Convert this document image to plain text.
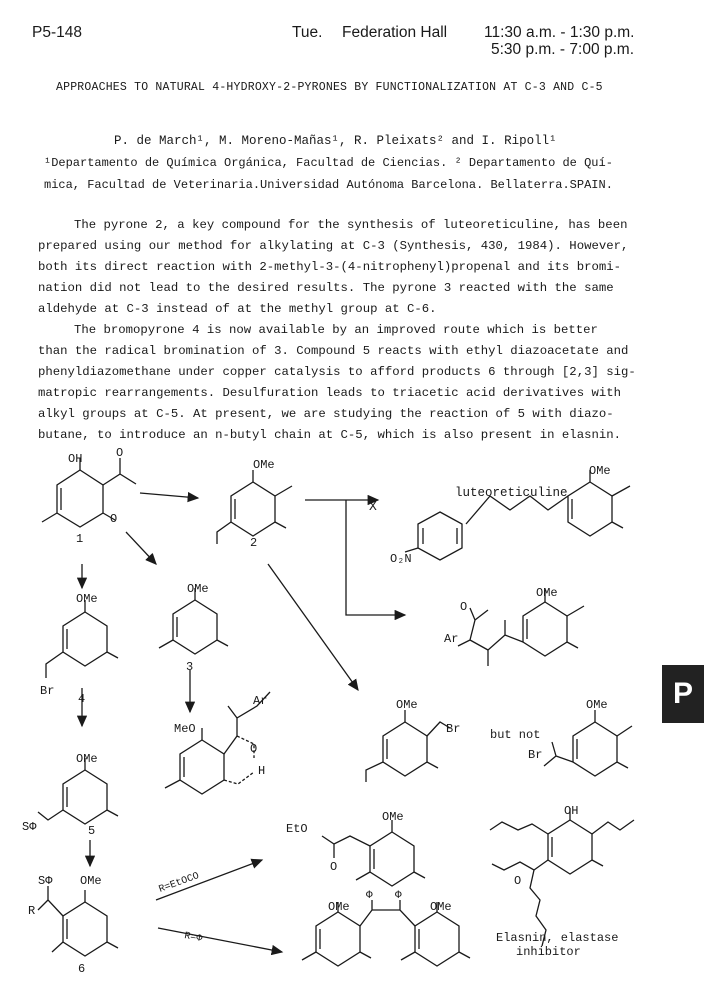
P5-148	Tue. Federation Hall 11:30 a.m. - 1:30 p.m.
5:30 p.m. - 7:00 p.m.
APPROACHES TO NATURAL 4-HYDROXY-2-PYRONES BY FUNCTIONALIZATION AT C-3 AND C-5
P. de March¹, M. Moreno-Mañas¹, R. Pleixats² and I. Ripoll¹
¹Departamento de Química Orgánica, Facultad de Ciencias. ² Departamento de Quí-
mica, Facultad de Veterinaria.Universidad Autónoma Barcelona. Bellaterra.SPAIN.
The pyrone 2, a key compound for the synthesis of luteoreticuline, has been
prepared using our method for alkylating at C-3 (Synthesis, 430, 1984). However,
both its direct reaction with 2-methyl-3-(4-nitrophenyl)propenal and its bromi-
nation did not lead to the desired results. The pyrone 3 reacted with the same
aldehyde at C-3 instead of at the methyl group at C-6.
The bromopyrone 4 is now available by an improved route which is better
than the radical bromination of 3. Compound 5 reacts with ethyl diazoacetate and
phenyldiazomethane under copper catalysis to afford products 6 through [2,3] sig-
matropic rearrangements. Desulfuration leads to triacetic acid derivatives with
alkyl groups at C-5. At present, we are studying the reaction of 5 with diazo-
butane, to introduce an n-butyl chain at C-5, which is also present in elasnin.
P
OH	O
O
1
OMe
2
X
luteoreticuline
OMe
O₂N
OMe
O
Ar
OMe
3
OMe
Br
4
MeO
Ar
H
O
OMe
SΦ	5
OMe
SΦ
R
6
OMe
Br but not
OMe
Br
OMe
EtO
O
R=EtOCO
R=Φ
OMe	OMe
Φ Φ
OH
O
Elasnin, elastase
inhibitor
